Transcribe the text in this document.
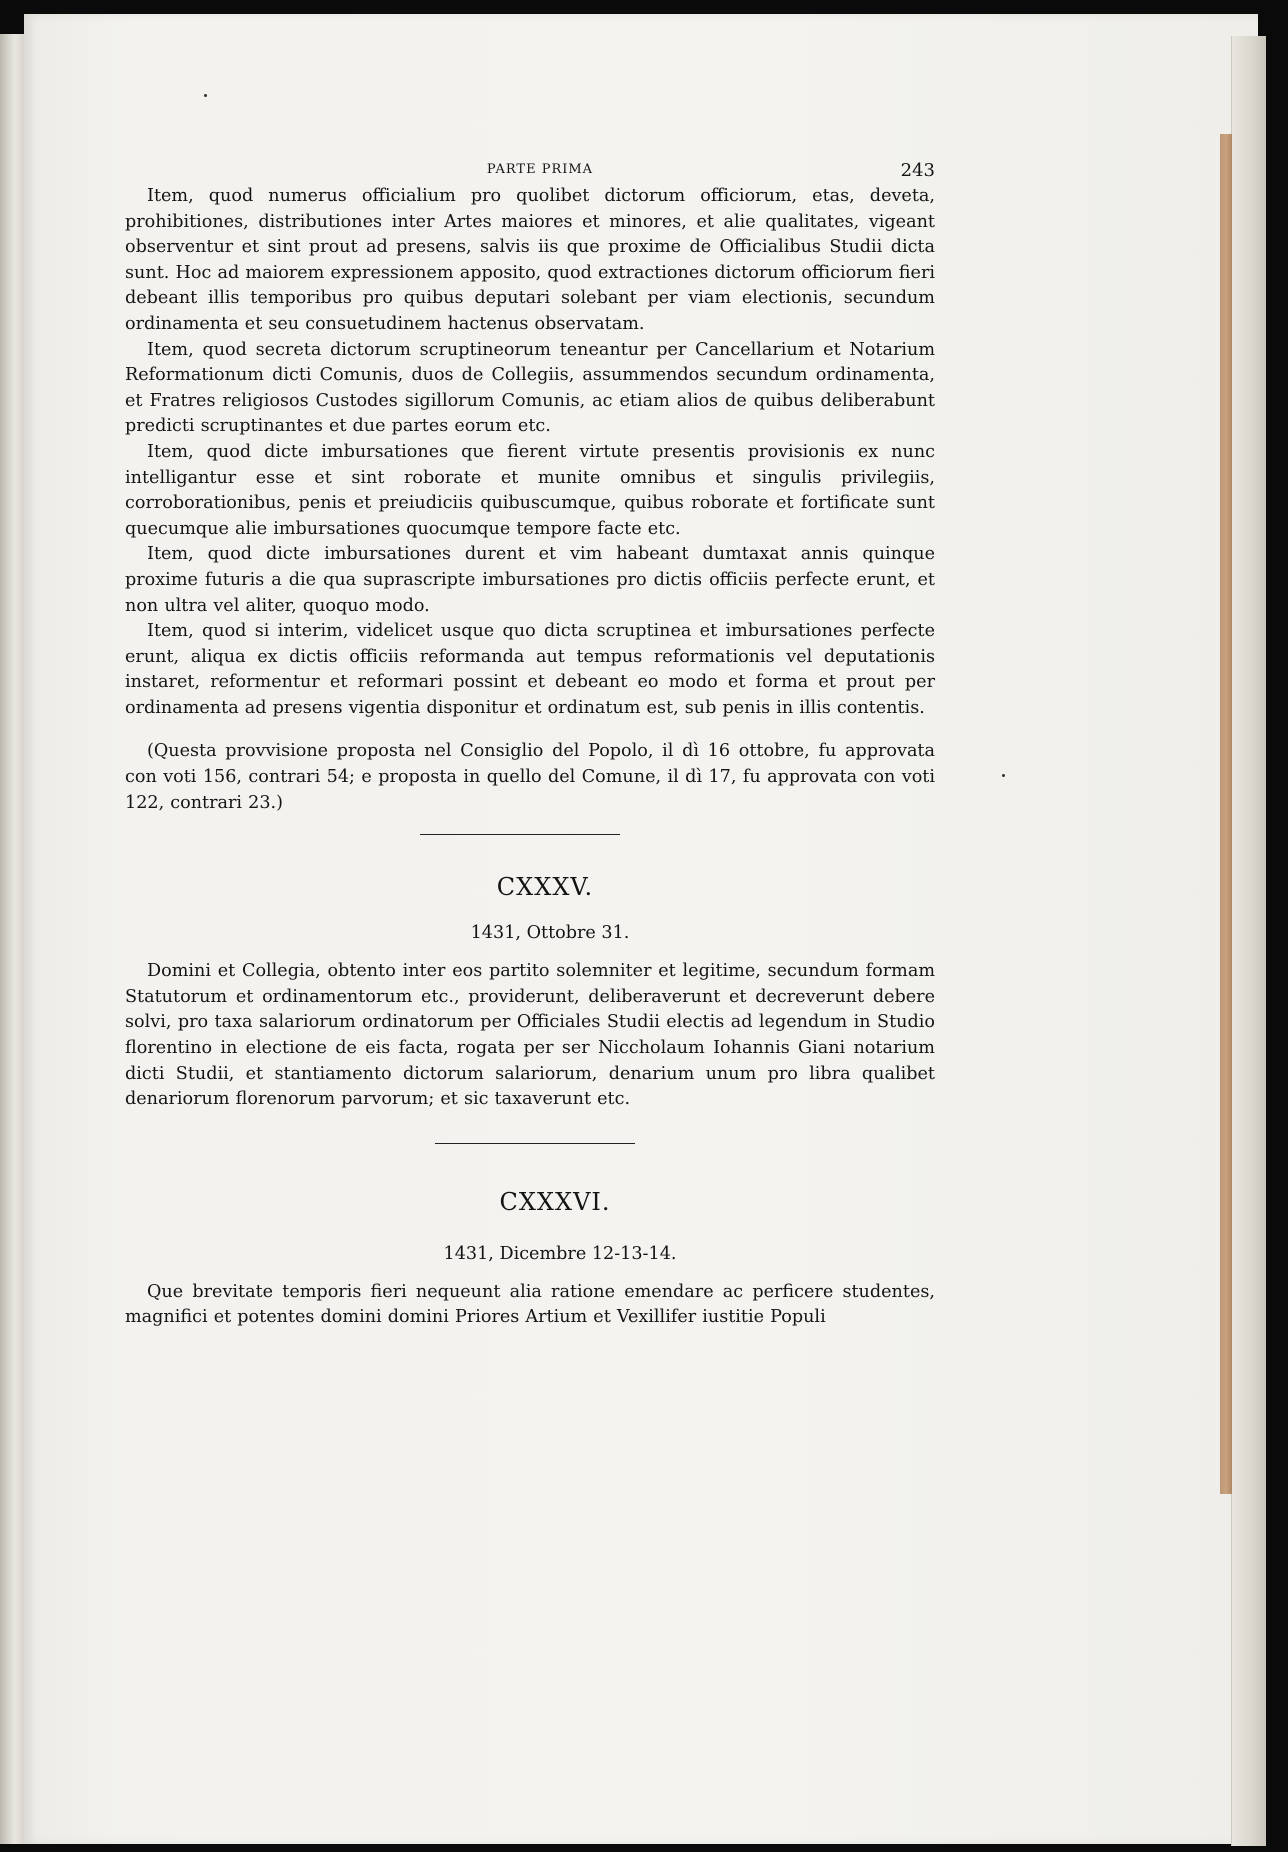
PARTE PRIMA	243

Item, quod numerus officialium pro quolibet dictorum officiorum, etas, deveta, prohibitiones, distributiones inter Artes maiores et minores, et alie qualitates, vigeant observentur et sint prout ad presens, salvis iis que proxime de Officialibus Studii dicta sunt. Hoc ad maiorem expressionem apposito, quod extractiones dictorum officiorum fieri debeant illis temporibus pro quibus deputari solebant per viam electionis, secundum ordinamenta et seu consuetudinem hactenus observatam.

Item, quod secreta dictorum scruptineorum teneantur per Cancellarium et Notarium Reformationum dicti Comunis, duos de Collegiis, assummendos secundum ordinamenta, et Fratres religiosos Custodes sigillorum Comunis, ac etiam alios de quibus deliberabunt predicti scruptinantes et due partes eorum etc.

Item, quod dicte imbursationes que fierent virtute presentis provisionis ex nunc intelligantur esse et sint roborate et munite omnibus et singulis privilegiis, corroborationibus, penis et preiudiciis quibuscumque, quibus roborate et fortificate sunt quecumque alie imbursationes quocumque tempore facte etc.

Item, quod dicte imbursationes durent et vim habeant dumtaxat annis quinque proxime futuris a die qua suprascripte imbursationes pro dictis officiis perfecte erunt, et non ultra vel aliter, quoquo modo.

Item, quod si interim, videlicet usque quo dicta scruptinea et imbursationes perfecte erunt, aliqua ex dictis officiis reformanda aut tempus reformationis vel deputationis instaret, reformentur et reformari possint et debeant eo modo et forma et prout per ordinamenta ad presens vigentia disponitur et ordinatum est, sub penis in illis contentis.

(Questa provvisione proposta nel Consiglio del Popolo, il dì 16 ottobre, fu approvata con voti 156, contrari 54; e proposta in quello del Comune, il dì 17, fu approvata con voti 122, contrari 23.)

CXXXV.
1431, Ottobre 31.

Domini et Collegia, obtento inter eos partito solemniter et legitime, secundum formam Statutorum et ordinamentorum etc., providerunt, deliberaverunt et decreverunt debere solvi, pro taxa salariorum ordinatorum per Officiales Studii electis ad legendum in Studio florentino in electione de eis facta, rogata per ser Niccholaum Iohannis Giani notarium dicti Studii, et stantiamento dictorum salariorum, denarium unum pro libra qualibet denariorum florenorum parvorum; et sic taxaverunt etc.

CXXXVI.
1431, Dicembre 12-13-14.

Que brevitate temporis fieri nequeunt alia ratione emendare ac perficere studentes, magnifici et potentes domini domini Priores Artium et Vexillifer iustitie Populi
